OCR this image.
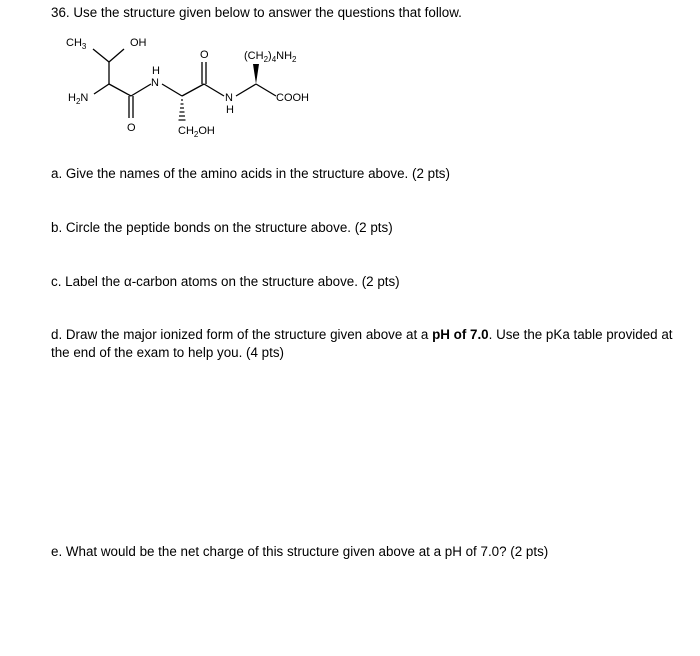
36. Use the structure given below to answer the questions that follow.
$CH_3$	OH
$H_2N$
O
H
N
O
$CH_2OH$
N
H
$(CH_2)_4NH_2$
COOH
a. Give the names of the amino acids in the structure above. (2 pts)
b. Circle the peptide bonds on the structure above. (2 pts)
c. Label the α-carbon atoms on the structure above. (2 pts)
d. Draw the major ionized form of the structure given above at a pH of 7.0. Use the pKa table provided at the end of the exam to help you. (4 pts)
e. What would be the net charge of this structure given above at a pH of 7.0? (2 pts)
